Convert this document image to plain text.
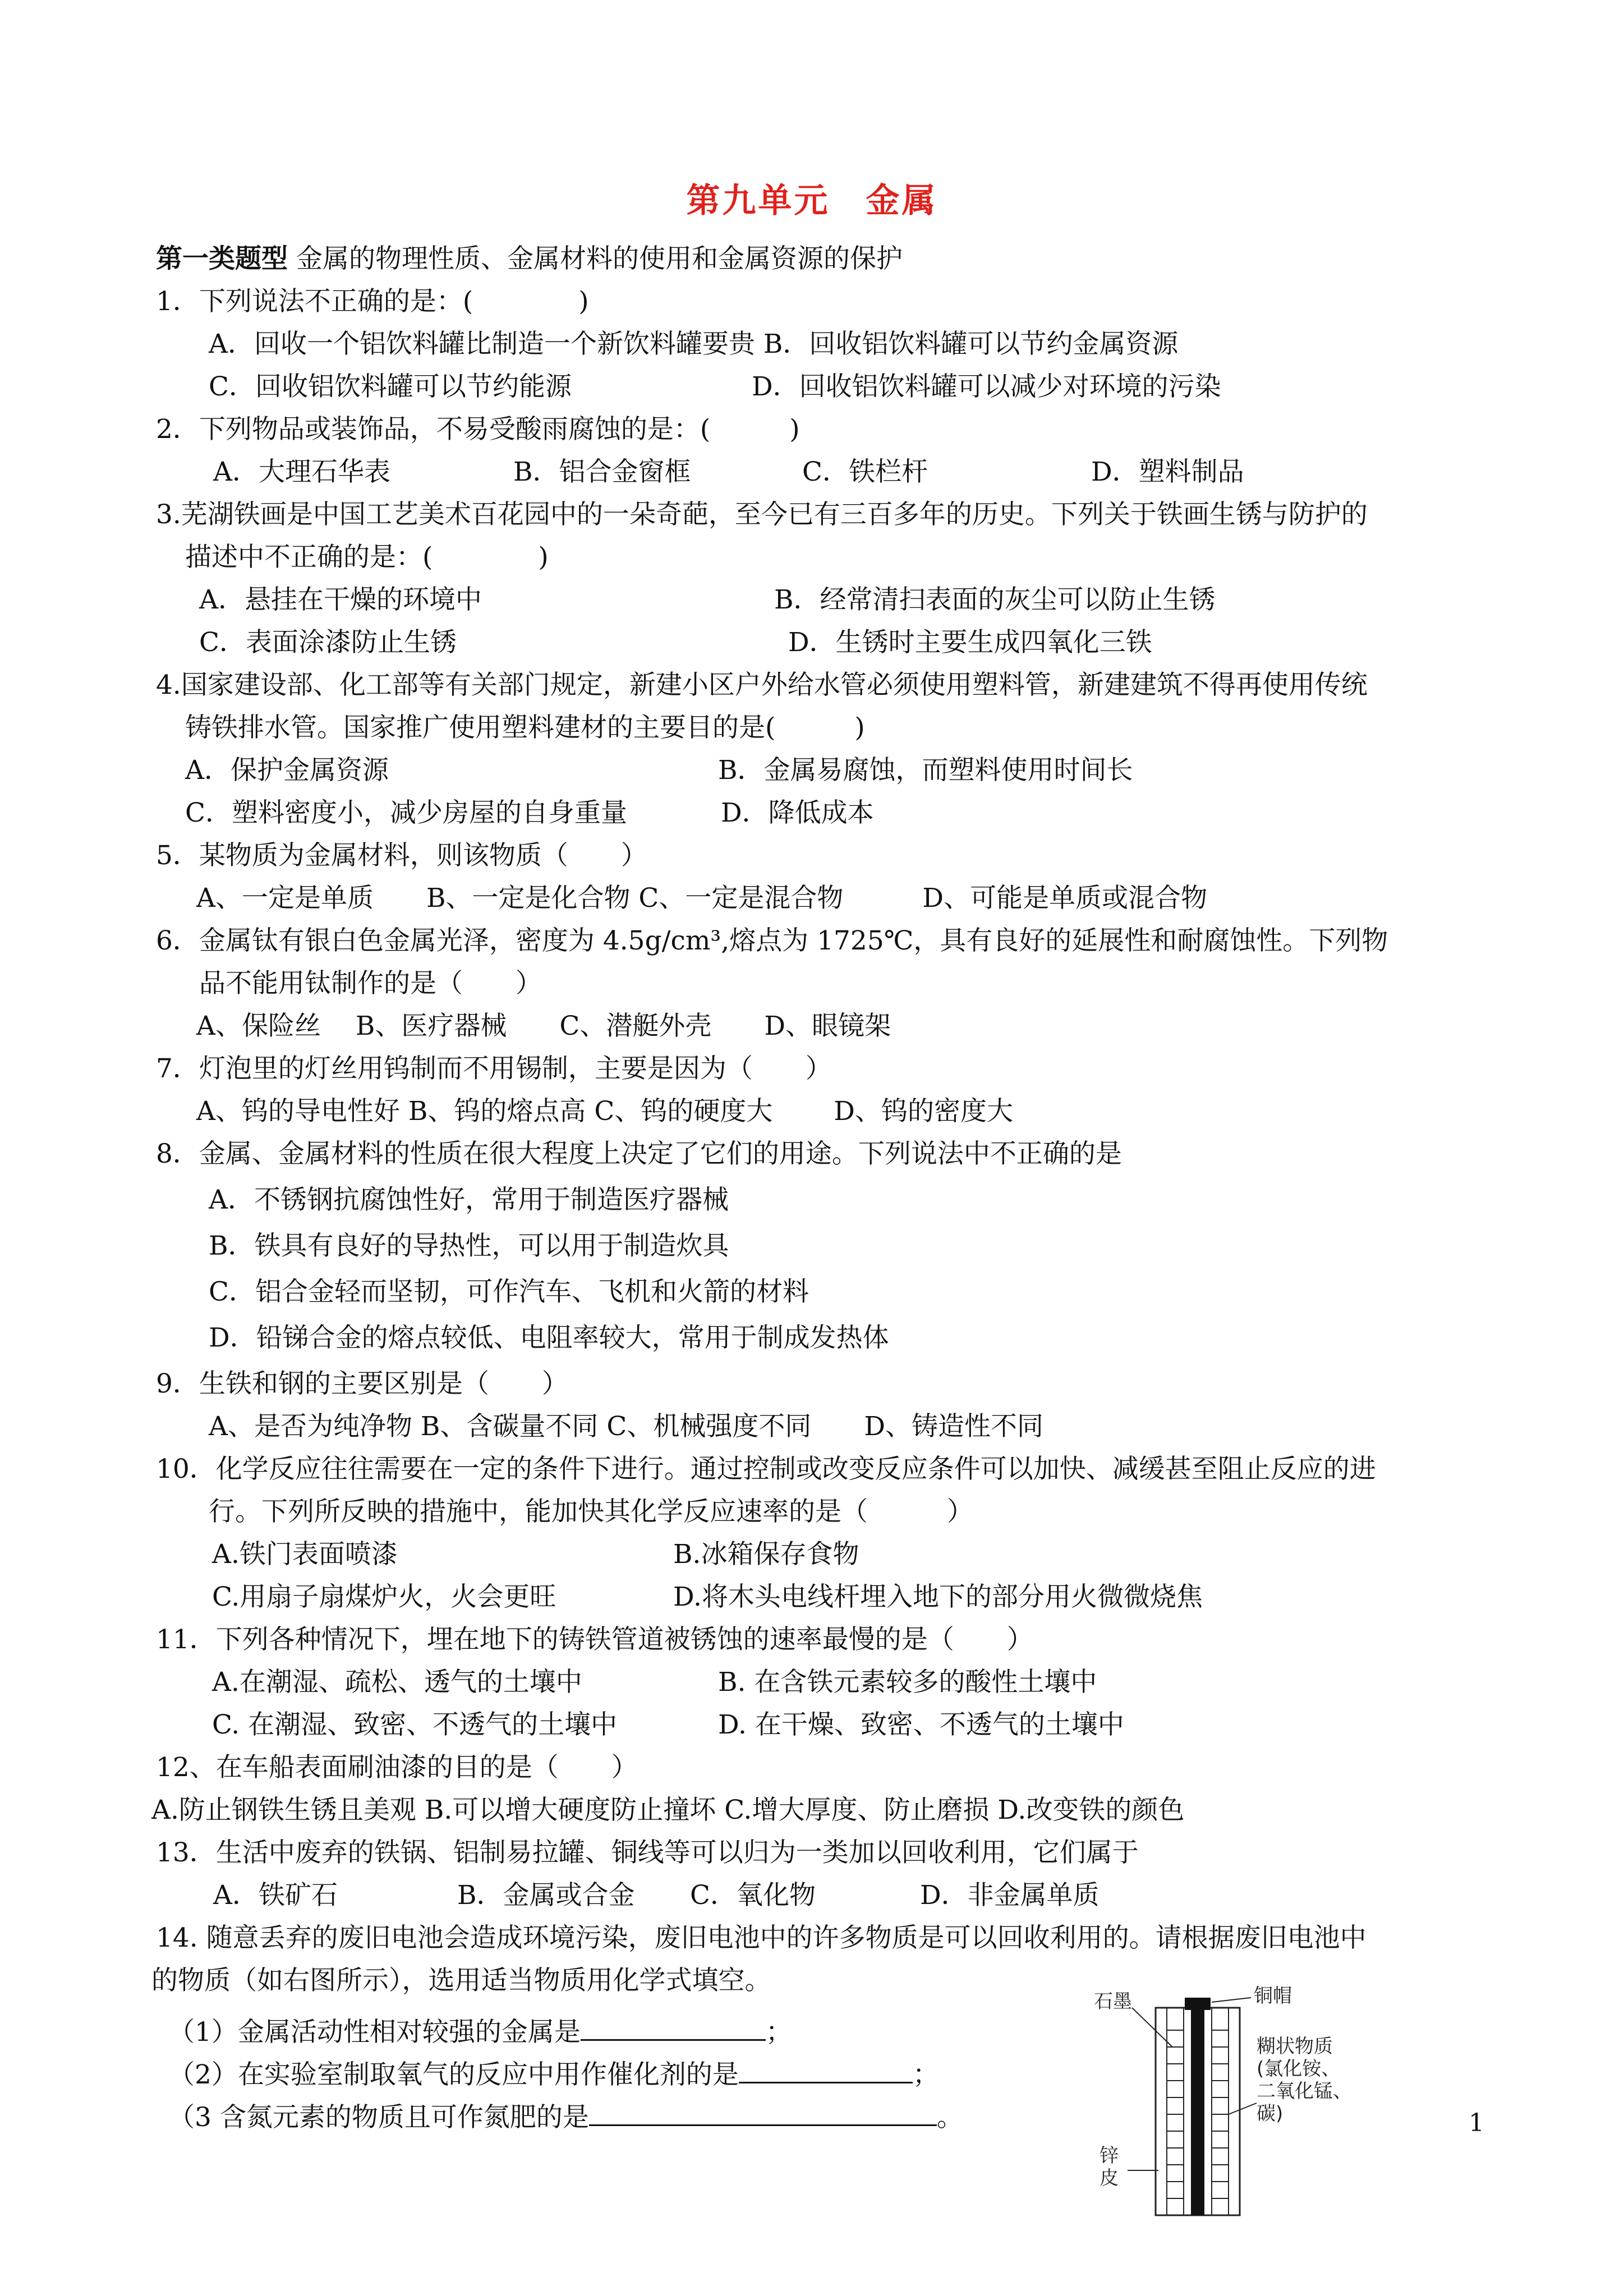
第九单元　金属
第一类题型 金属的物理性质、金属材料的使用和金属资源的保护
1．下列说法不正确的是：(　　　　)
A．回收一个铝饮料罐比制造一个新饮料罐要贵 B．回收铝饮料罐可以节约金属资源
C．回收铝饮料罐可以节约能源	D．回收铝饮料罐可以减少对环境的污染
2．下列物品或装饰品，不易受酸雨腐蚀的是：(　　　)
A．大理石华表	B．铝合金窗框	C．铁栏杆	D．塑料制品
3.芜湖铁画是中国工艺美术百花园中的一朵奇葩，至今已有三百多年的历史。下列关于铁画生锈与防护的
描述中不正确的是：(　　　　)
A．悬挂在干燥的环境中	B．经常清扫表面的灰尘可以防止生锈
C．表面涂漆防止生锈	D．生锈时主要生成四氧化三铁
4.国家建设部、化工部等有关部门规定，新建小区户外给水管必须使用塑料管，新建建筑不得再使用传统
铸铁排水管。国家推广使用塑料建材的主要目的是(　　　)
A．保护金属资源	B．金属易腐蚀，而塑料使用时间长
C．塑料密度小，减少房屋的自身重量	D．降低成本
5．某物质为金属材料，则该物质（　　）
A、一定是单质　　B、一定是化合物 C、一定是混合物　　　D、可能是单质或混合物
6．金属钛有银白色金属光泽，密度为 4.5g/cm³,熔点为 1725℃，具有良好的延展性和耐腐蚀性。下列物
品不能用钛制作的是（　　）
A、保险丝　 B、医疗器械　　C、潜艇外壳　　D、眼镜架
7．灯泡里的灯丝用钨制而不用锡制，主要是因为（　　）
A、钨的导电性好 B、钨的熔点高 C、钨的硬度大　　 D、钨的密度大
8．金属、金属材料的性质在很大程度上决定了它们的用途。下列说法中不正确的是
A．不锈钢抗腐蚀性好，常用于制造医疗器械
B．铁具有良好的导热性，可以用于制造炊具
C．铝合金轻而坚韧，可作汽车、飞机和火箭的材料
D．铅锑合金的熔点较低、电阻率较大，常用于制成发热体
9．生铁和钢的主要区别是（　　）
A、是否为纯净物 B、含碳量不同 C、机械强度不同　　D、铸造性不同
10．化学反应往往需要在一定的条件下进行。通过控制或改变反应条件可以加快、减缓甚至阻止反应的进
行。下列所反映的措施中，能加快其化学反应速率的是（　　　）
A.铁门表面喷漆	B.冰箱保存食物
C.用扇子扇煤炉火，火会更旺	D.将木头电线杆埋入地下的部分用火微微烧焦
11．下列各种情况下，埋在地下的铸铁管道被锈蚀的速率最慢的是（　　）
A.在潮湿、疏松、透气的土壤中	B. 在含铁元素较多的酸性土壤中
C. 在潮湿、致密、不透气的土壤中	D. 在干燥、致密、不透气的土壤中
12、在车船表面刷油漆的目的是（　　）
A.防止钢铁生锈且美观 B.可以增大硬度防止撞坏 C.增大厚度、防止磨损 D.改变铁的颜色
13．生活中废弃的铁锅、铝制易拉罐、铜线等可以归为一类加以回收利用，它们属于
A．铁矿石	B．金属或合金 C．氧化物	D．非金属单质
14. 随意丢弃的废旧电池会造成环境污染，废旧电池中的许多物质是可以回收利用的。请根据废旧电池中
的物质（如右图所示），选用适当物质用化学式填空。
（1）金属活动性相对较强的金属是	；
（2）在实验室制取氧气的反应中用作催化剂的是	；
（3 含氮元素的物质且可作氮肥的是	。
石墨	铜帽
糊状物质
(氯化铵、
二氧化锰、
碳)
锌
皮
1
